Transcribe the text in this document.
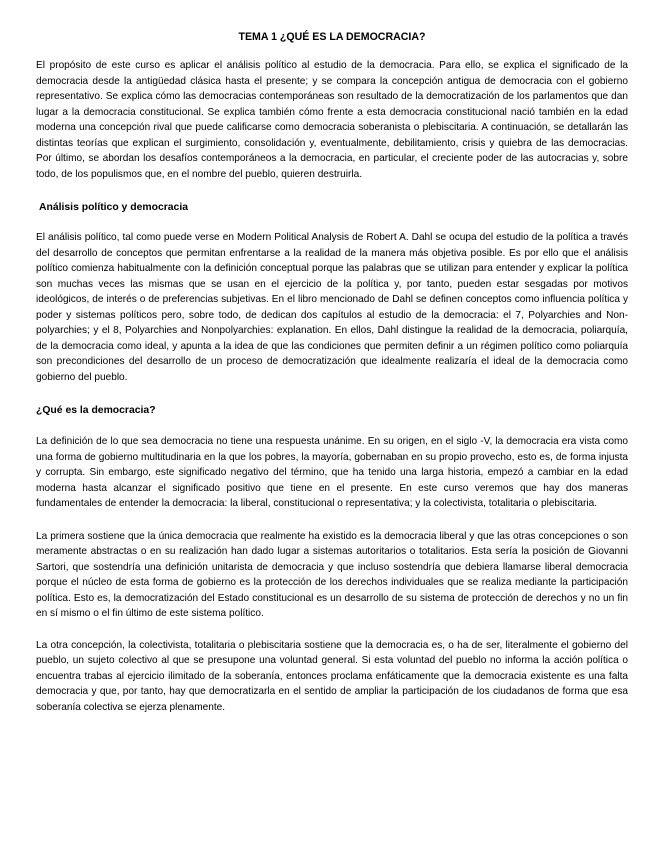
TEMA 1 ¿QUÉ ES LA DEMOCRACIA?

El propósito de este curso es aplicar el análisis político al estudio de la democracia. Para ello, se explica el significado de la democracia desde la antigüedad clásica hasta el presente; y se compara la concepción antigua de democracia con el gobierno representativo. Se explica cómo las democracias contemporáneas son resultado de la democratización de los parlamentos que dan lugar a la democracia constitucional. Se explica también cómo frente a esta democracia constitucional nació también en la edad moderna una concepción rival que puede calificarse como democracia soberanista o plebiscitaria. A continuación, se detallarán las distintas teorías que explican el surgimiento, consolidación y, eventualmente, debilitamiento, crisis y quiebra de las democracias. Por último, se abordan los desafíos contemporáneos a la democracia, en particular, el creciente poder de las autocracias y, sobre todo, de los populismos que, en el nombre del pueblo, quieren destruirla.

Análisis político y democracia

El análisis político, tal como puede verse en Modern Political Analysis de Robert A. Dahl se ocupa del estudio de la política a través del desarrollo de conceptos que permitan enfrentarse a la realidad de la manera más objetiva posible. Es por ello que el análisis político comienza habitualmente con la definición conceptual porque las palabras que se utilizan para entender y explicar la política son muchas veces las mismas que se usan en el ejercicio de la política y, por tanto, pueden estar sesgadas por motivos ideológicos, de interés o de preferencias subjetivas. En el libro mencionado de Dahl se definen conceptos como influencia política y poder y sistemas políticos pero, sobre todo, de dedican dos capítulos al estudio de la democracia: el 7, Polyarchies and Non-polyarchies; y el 8, Polyarchies and Nonpolyarchies: explanation. En ellos, Dahl distingue la realidad de la democracia, poliarquía, de la democracia como ideal, y apunta a la idea de que las condiciones que permiten definir a un régimen político como poliarquía son precondiciones del desarrollo de un proceso de democratización que idealmente realizaría el ideal de la democracia como gobierno del pueblo.

¿Qué es la democracia?

La definición de lo que sea democracia no tiene una respuesta unánime. En su origen, en el siglo -V, la democracia era vista como una forma de gobierno multitudinaria en la que los pobres, la mayoría, gobernaban en su propio provecho, esto es, de forma injusta y corrupta. Sin embargo, este significado negativo del término, que ha tenido una larga historia, empezó a cambiar en la edad moderna hasta alcanzar el significado positivo que tiene en el presente. En este curso veremos que hay dos maneras fundamentales de entender la democracia: la liberal, constitucional o representativa; y la colectivista, totalitaria o plebiscitaria.

La primera sostiene que la única democracia que realmente ha existido es la democracia liberal y que las otras concepciones o son meramente abstractas o en su realización han dado lugar a sistemas autoritarios o totalitarios. Esta sería la posición de Giovanni Sartori, que sostendría una definición unitarista de democracia y que incluso sostendría que debiera llamarse liberal democracia porque el núcleo de esta forma de gobierno es la protección de los derechos individuales que se realiza mediante la participación política. Esto es, la democratización del Estado constitucional es un desarrollo de su sistema de protección de derechos y no un fin en sí mismo o el fin último de este sistema político.

La otra concepción, la colectivista, totalitaria o plebiscitaria sostiene que la democracia es, o ha de ser, literalmente el gobierno del pueblo, un sujeto colectivo al que se presupone una voluntad general. Si esta voluntad del pueblo no informa la acción política o encuentra trabas al ejercicio ilimitado de la soberanía, entonces proclama enfáticamente que la democracia existente es una falta democracia y que, por tanto, hay que democratizarla en el sentido de ampliar la participación de los ciudadanos de forma que esa soberanía colectiva se ejerza plenamente.
